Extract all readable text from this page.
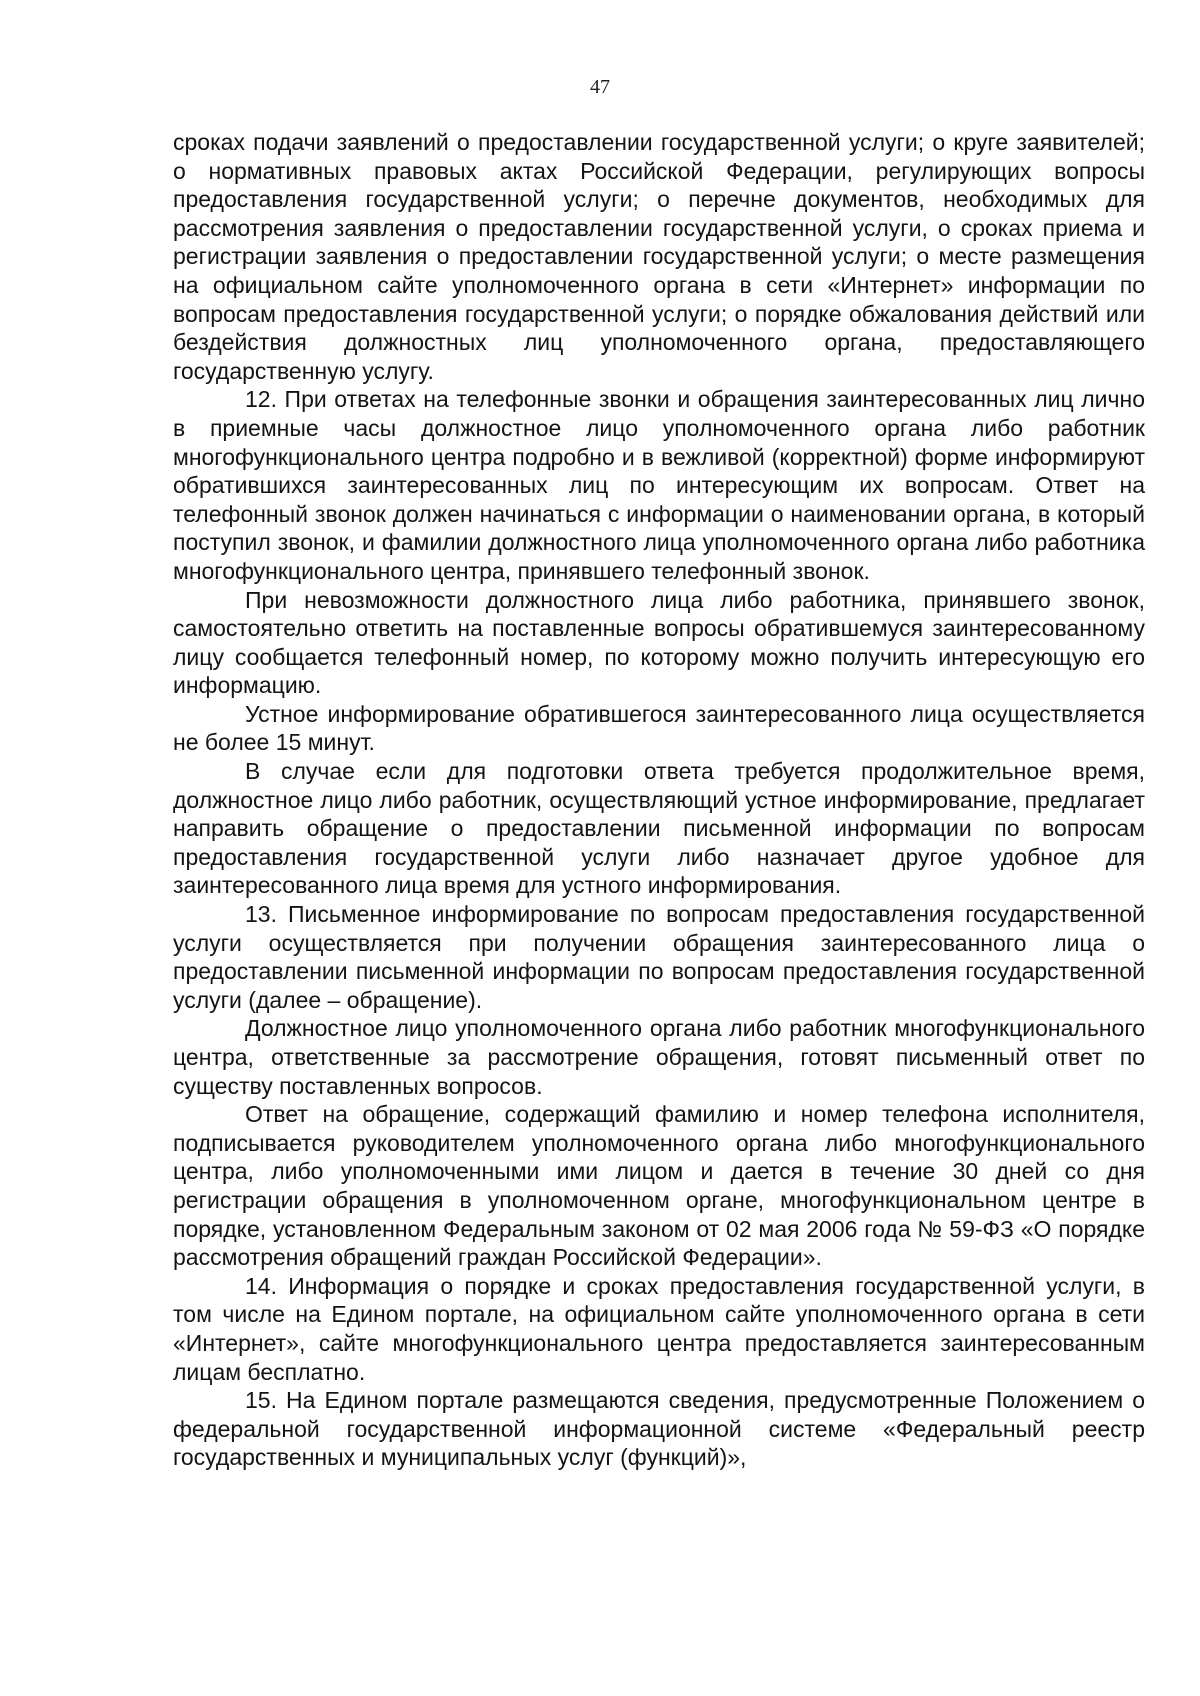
47

сроках подачи заявлений о предоставлении государственной услуги; о круге заявителей; о нормативных правовых актах Российской Федерации, регулирующих вопросы предоставления государственной услуги; о перечне документов, необходимых для рассмотрения заявления о предоставлении государственной услуги, о сроках приема и регистрации заявления о предоставлении государственной услуги; о месте размещения на официальном сайте уполномоченного органа в сети «Интернет» информации по вопросам предоставления государственной услуги; о порядке обжалования действий или бездействия должностных лиц уполномоченного органа, предоставляющего государственную услугу.

12. При ответах на телефонные звонки и обращения заинтересованных лиц лично в приемные часы должностное лицо уполномоченного органа либо работник многофункционального центра подробно и в вежливой (корректной) форме информируют обратившихся заинтересованных лиц по интересующим их вопросам. Ответ на телефонный звонок должен начинаться с информации о наименовании органа, в который поступил звонок, и фамилии должностного лица уполномоченного органа либо работника многофункционального центра, принявшего телефонный звонок.

При невозможности должностного лица либо работника, принявшего звонок, самостоятельно ответить на поставленные вопросы обратившемуся заинтересованному лицу сообщается телефонный номер, по которому можно получить интересующую его информацию.

Устное информирование обратившегося заинтересованного лица осуществляется не более 15 минут.

В случае если для подготовки ответа требуется продолжительное время, должностное лицо либо работник, осуществляющий устное информирование, предлагает направить обращение о предоставлении письменной информации по вопросам предоставления государственной услуги либо назначает другое удобное для заинтересованного лица время для устного информирования.

13. Письменное информирование по вопросам предоставления государственной услуги осуществляется при получении обращения заинтересованного лица о предоставлении письменной информации по вопросам предоставления государственной услуги (далее – обращение).

Должностное лицо уполномоченного органа либо работник многофункционального центра, ответственные за рассмотрение обращения, готовят письменный ответ по существу поставленных вопросов.

Ответ на обращение, содержащий фамилию и номер телефона исполнителя, подписывается руководителем уполномоченного органа либо многофункционального центра, либо уполномоченными ими лицом и дается в течение 30 дней со дня регистрации обращения в уполномоченном органе, многофункциональном центре в порядке, установленном Федеральным законом от 02 мая 2006 года № 59-ФЗ «О порядке рассмотрения обращений граждан Российской Федерации».

14. Информация о порядке и сроках предоставления государственной услуги, в том числе на Едином портале, на официальном сайте уполномоченного органа в сети «Интернет», сайте многофункционального центра предоставляется заинтересованным лицам бесплатно.

15. На Едином портале размещаются сведения, предусмотренные Положением о федеральной государственной информационной системе «Федеральный реестр государственных и муниципальных услуг (функций)»,
